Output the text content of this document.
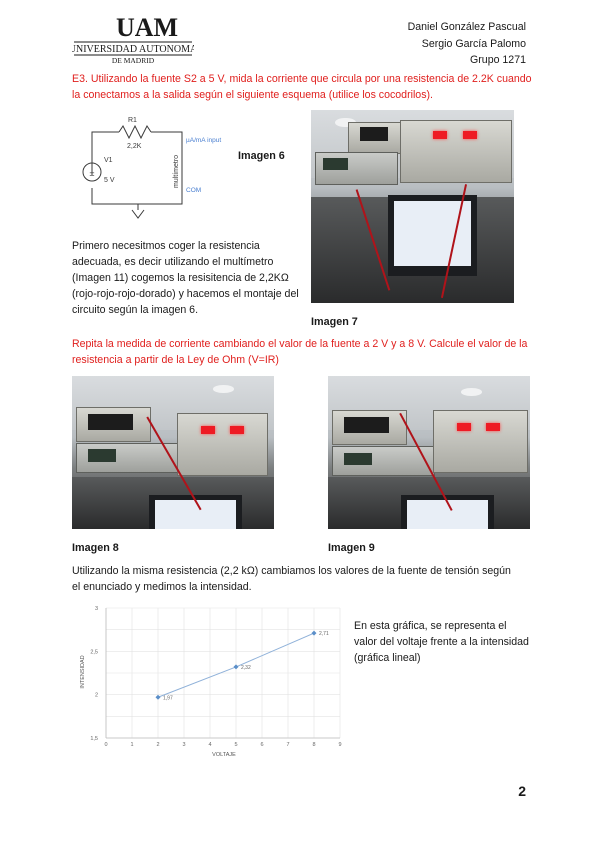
UAM
UNIVERSIDAD AUTONOMA
DE MADRID
Daniel González Pascual
Sergio García Palomo
Grupo 1271
E3. Utilizando la fuente S2 a 5 V, mida la corriente que circula por una resistencia de 2.2K cuando la conectamos a la salida según el siguiente esquema (utilice los cocodrilos).
±
R1
2,2K
V1
5 V	multímetro
µA/mA input
COM
Imagen 6
Primero necesitmos coger la resistencia adecuada, es decir utilizando el multímetro (Imagen 11) cogemos la resisitencia de 2,2KΩ (rojo-rojo-rojo-dorado) y hacemos el montaje del circuito según la imagen 6.
Imagen 7
Repita la medida de corriente cambiando el valor de la fuente a 2 V y a 8 V. Calcule el valor de la resistencia a partir de la Ley de Ohm (V=IR)
Imagen 8	Imagen 9
Utilizando la misma resistencia (2,2 kΩ) cambiamos los valores de la fuente de tensión según el enunciado y medimos la intensidad.
1,5
2
2,5
3
0	1	2	3	4	5	6	7	8	9
1,97
2,32
2,71
VOLTAJE
INTENSIDAD
En esta gráfica, se representa el valor del voltaje frente a la intensidad (gráfica lineal)
2
